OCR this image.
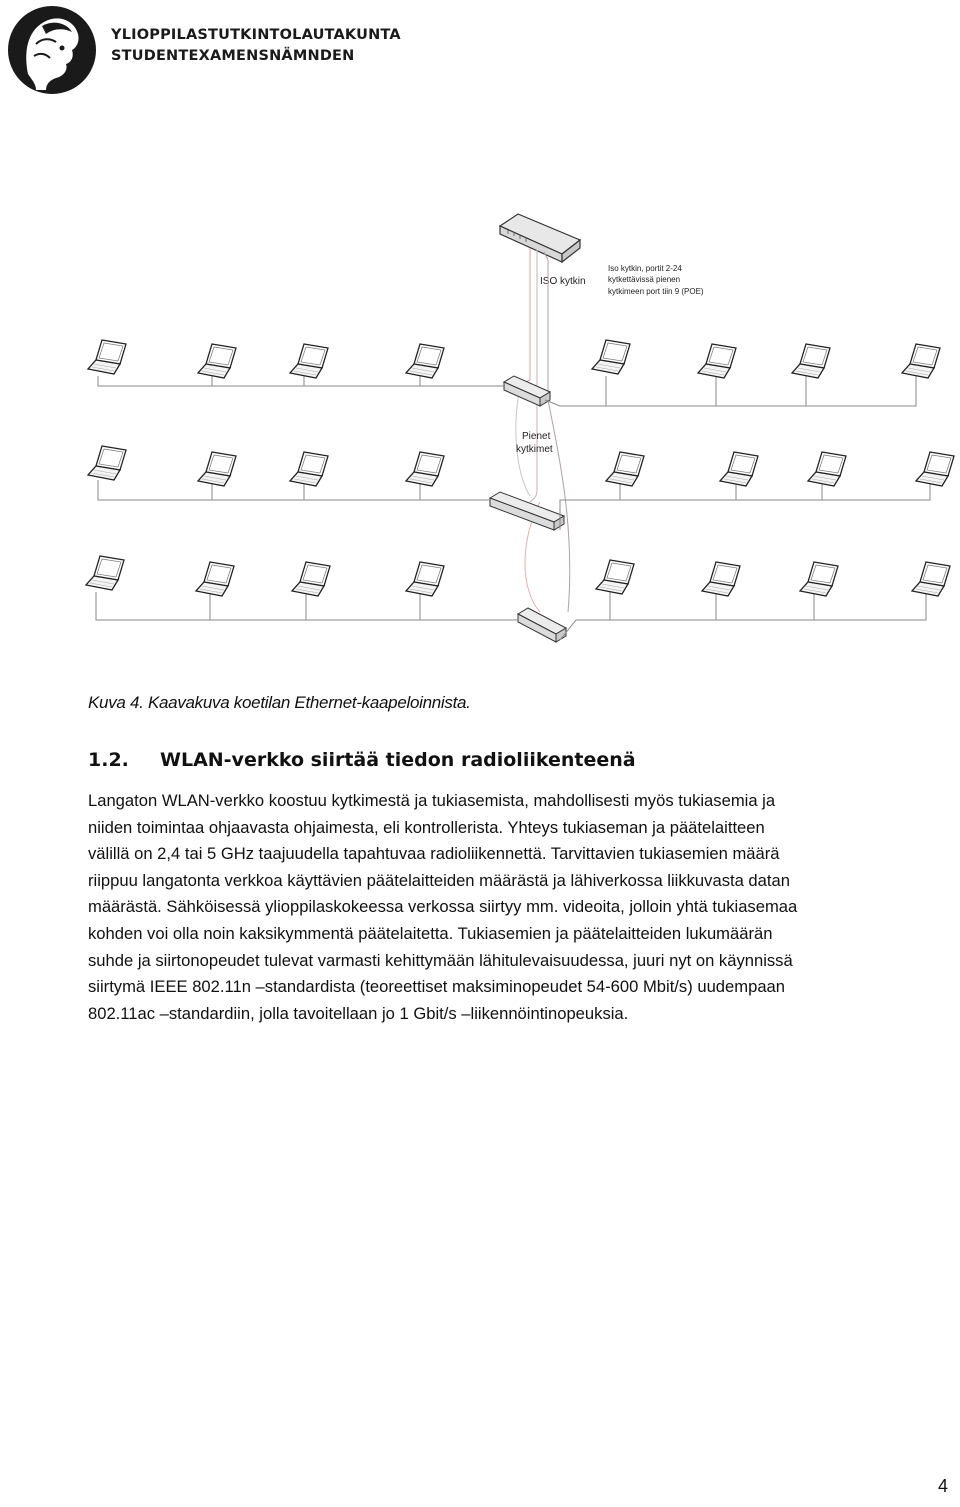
YLIOPPILASTUTKINTOLAUTAKUNTA
STUDENTEXAMENSNÄMNDEN
ISO kytkin
Iso kytkin, portit 2-24 kytkettävissä pienen kytkimeen port tiin 9 (POE)
Pienet kytkimet
Kuva 4. Kaavakuva koetilan Ethernet-kaapeloinnista.
1.2. WLAN-verkko siirtää tiedon radioliikenteenä
Langaton WLAN-verkko koostuu kytkimestä ja tukiasemista, mahdollisesti myös tukiasemia ja
niiden toimintaa ohjaavasta ohjaimesta, eli kontrollerista. Yhteys tukiaseman ja päätelaitteen
välillä on 2,4 tai 5 GHz taajuudella tapahtuvaa radioliikennettä. Tarvittavien tukiasemien määrä
riippuu langatonta verkkoa käyttävien päätelaitteiden määrästä ja lähiverkossa liikkuvasta datan
määrästä. Sähköisessä ylioppilaskokeessa verkossa siirtyy mm. videoita, jolloin yhtä tukiasemaa
kohden voi olla noin kaksikymmentä päätelaitetta. Tukiasemien ja päätelaitteiden lukumäärän
suhde ja siirtonopeudet tulevat varmasti kehittymään lähitulevaisuudessa, juuri nyt on käynnissä
siirtymä IEEE 802.11n –standardista (teoreettiset maksiminopeudet 54-600 Mbit/s) uudempaan
802.11ac –standardiin, jolla tavoitellaan jo 1 Gbit/s –liikennöintinopeuksia.
4
